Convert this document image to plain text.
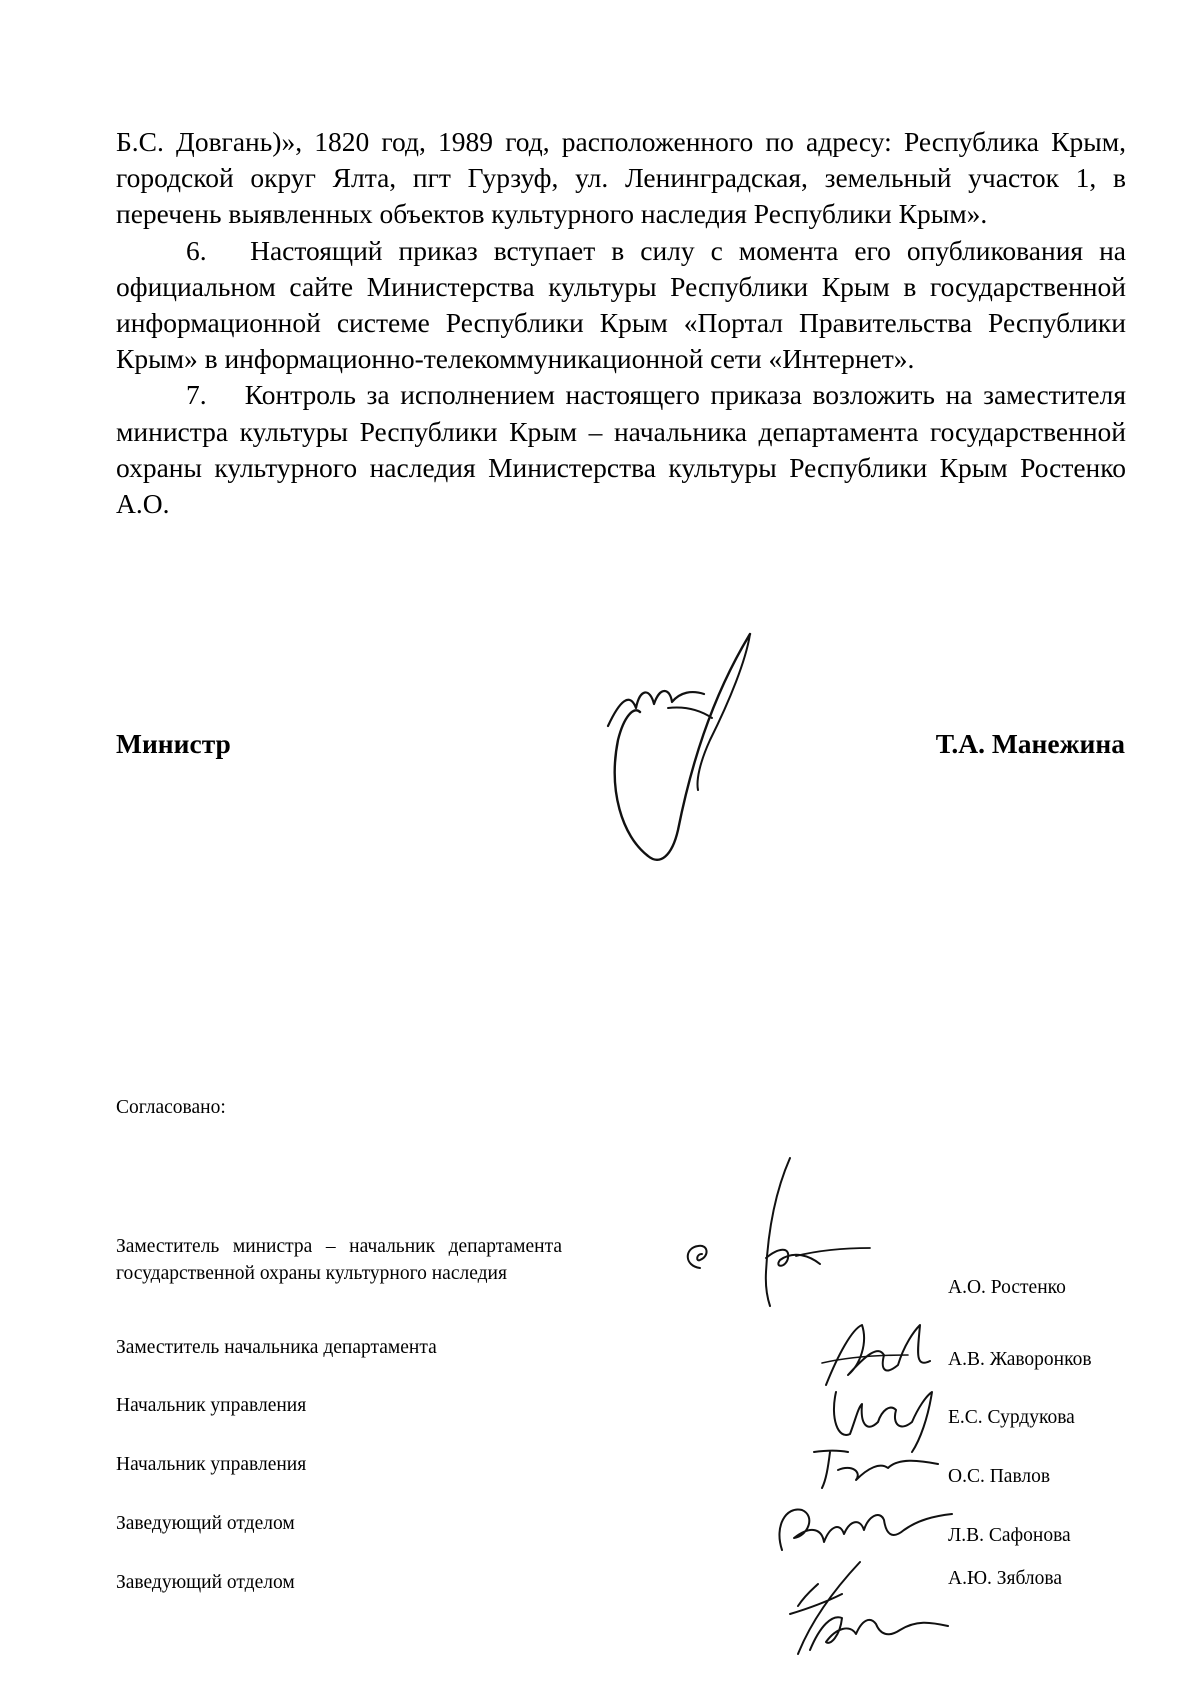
Б.С. Довгань)», 1820 год, 1989 год, расположенного по адресу: Республика Крым, городской округ Ялта, пгт Гурзуф, ул. Ленинградская, земельный участок 1, в перечень выявленных объектов культурного наследия Республики Крым».

6.  Настоящий приказ вступает в силу с момента его опубликования на официальном сайте Министерства культуры Республики Крым в государственной информационной системе Республики Крым «Портал Правительства Республики Крым» в информационно-телекоммуникационной сети «Интернет».

7.  Контроль за исполнением настоящего приказа возложить на заместителя министра культуры Республики Крым – начальника департамента государственной охраны культурного наследия Министерства культуры Республики Крым Ростенко А.О.

Министр	Т.А. Манежина
Согласовано:
Заместитель министра – начальник департамента государственной охраны культурного наследия
А.О. Ростенко
Заместитель начальника департамента
А.В. Жаворонков
Начальник управления
Е.С. Сурдукова
Начальник управления
О.С. Павлов
Заведующий отделом
Л.В. Сафонова
Заведующий отделом	А.Ю. Зяблова
